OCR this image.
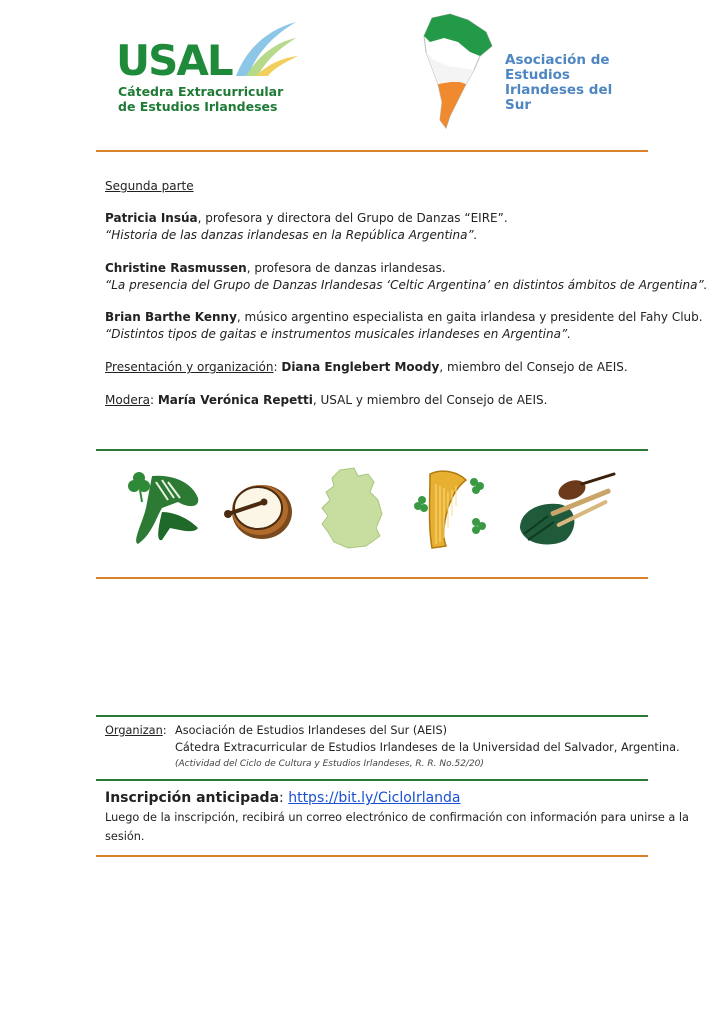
USAL
Cátedra Extracurricular
de Estudios Irlandeses
Asociación de
Estudios
Irlandeses del
Sur
Segunda parte
Patricia Insúa, profesora y directora del Grupo de Danzas “EIRE”.
“Historia de las danzas irlandesas en la República Argentina”.
Christine Rasmussen, profesora de danzas irlandesas.
“La presencia del Grupo de Danzas Irlandesas ‘Celtic Argentina’ en distintos ámbitos de Argentina”.
Brian Barthe Kenny, músico argentino especialista en gaita irlandesa y presidente del Fahy Club.
“Distintos tipos de gaitas e instrumentos musicales irlandeses en Argentina”.
Presentación y organización: Diana Englebert Moody, miembro del Consejo de AEIS.
Modera: María Verónica Repetti, USAL y miembro del Consejo de AEIS.
Organizan: Asociación de Estudios Irlandeses del Sur (AEIS)
Cátedra Extracurricular de Estudios Irlandeses de la Universidad del Salvador, Argentina.
(Actividad del Ciclo de Cultura y Estudios Irlandeses, R. R. No.52/20)
Inscripción anticipada: https://bit.ly/CicloIrlanda
Luego de la inscripción, recibirá un correo electrónico de confirmación con información para unirse a la
sesión.
